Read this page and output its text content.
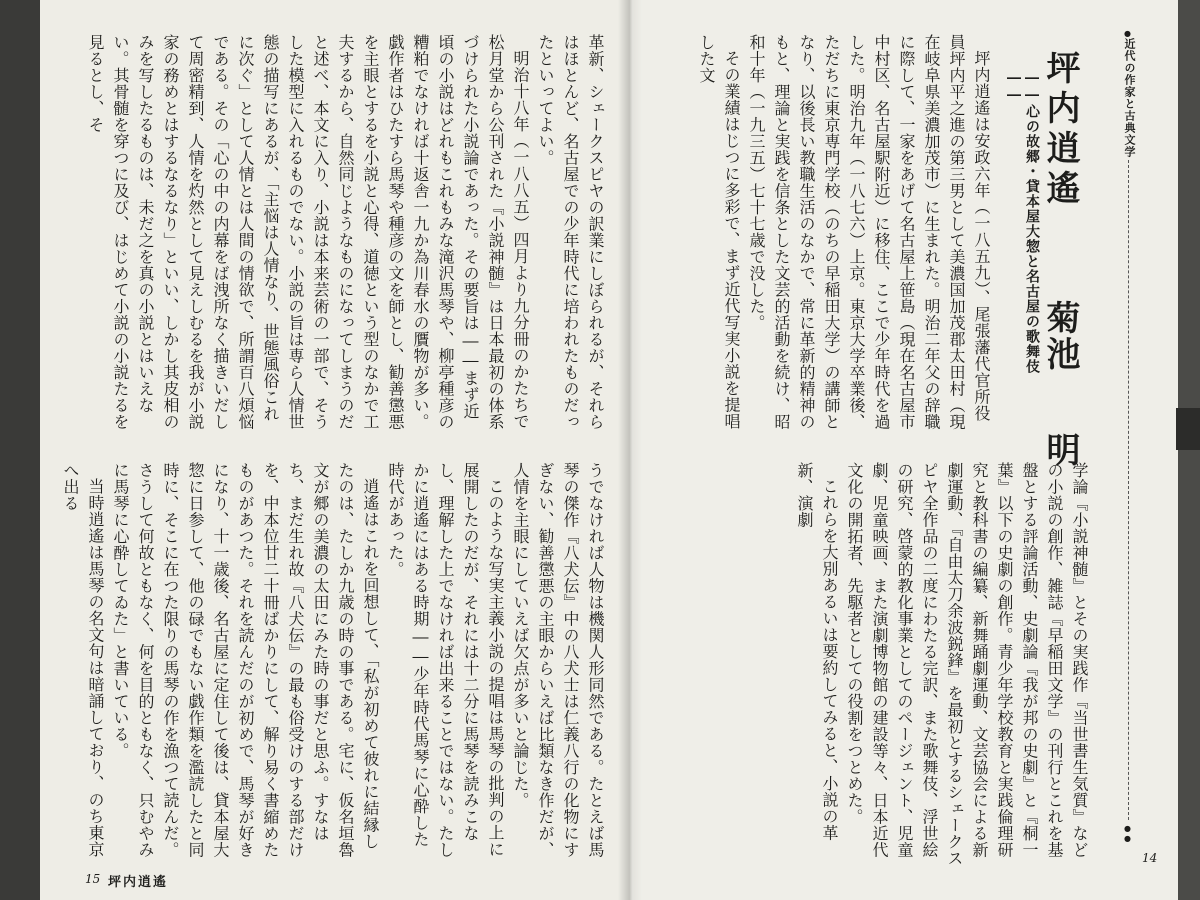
●
近代の作家と古典文学
●
●
坪内逍遙
菊池明
――心の故郷・貸本屋大惣と名古屋の歌舞伎――

坪内逍遙は安政六年（一八五九）、尾張藩代官所役員坪内平之進の第三男として美濃国加茂郡太田村（現在岐阜県美濃加茂市）に生まれた。明治二年父の辞職に際して、一家をあげて名古屋上笹島（現在名古屋市中村区、名古屋駅附近）に移住、ここで少年時代を過した。明治九年（一八七六）上京。東京大学卒業後、ただちに東京専門学校（のちの早稲田大学）の講師となり、以後長い教職生活のなかで、常に革新的精神のもと、理論と実践を信条とした文芸的活動を続け、昭和十年（一九三五）七十七歳で没した。

その業績はじつに多彩で、まず近代写実小説を提唱した文

学論『小説神髄』とその実践作『当世書生気質』などの小説の創作、雑誌『早稲田文学』の刊行とこれを基盤とする評論活動、史劇論『我が邦の史劇』と『桐一葉』以下の史劇の創作。青少年学校教育と実践倫理研究と教科書の編纂、新舞踊劇運動、文芸協会による新劇運動、『自由太刀余波鋭鋒』を最初とするシェークスピヤ全作品の二度にわたる完訳、また歌舞伎、浮世絵の研究、啓蒙的教化事業としてのページェント、児童劇、児童映画、また演劇博物館の建設等々、日本近代文化の開拓者、先駆者としての役割をつとめた。

これらを大別あるいは要約してみると、小説の革新、演劇

革新、シェークスピヤの訳業にしぼられるが、それらはほとんど、名古屋での少年時代に培われたものだったといってよい。

明治十八年（一八八五）四月より九分冊のかたちで松月堂から公刊された『小説神髄』は日本最初の体系づけられた小説論であった。その要旨は――まず近頃の小説はどれもこれもみな滝沢馬琴や、柳亭種彦の糟粕でなければ十返舎一九か為川春水の贋物が多い。戯作者はひたすら馬琴や種彦の文を師とし、勧善懲悪を主眼とするを小説と心得、道徳という型のなかで工夫するから、自然同じようなものになってしまうのだと述べ、本文に入り、小説は本来芸術の一部で、そうした模型に入れるものでない。小説の旨は専ら人情世態の描写にあるが、「主悩は人情なり、世態風俗これに次ぐ」として人情とは人間の情欲で、所謂百八煩悩である。その「心の中の内幕をば洩所なく描きいだして周密精到、人情を灼然として見えしむるを我が小説家の務めとはするなるなり」といい、しかし其皮相のみを写したるものは、未だ之を真の小説とはいえない。其骨髄を穿つに及び、はじめて小説の小説たるを見るとし、そ

うでなければ人物は機関人形同然である。たとえば馬琴の傑作『八犬伝』中の八犬士は仁義八行の化物にすぎない、勧善懲悪の主眼からいえば比類なき作だが、人情を主眼にしていえば欠点が多いと論じた。

このような写実主義小説の提唱は馬琴の批判の上に展開したのだが、それには十二分に馬琴を読みこなし、理解した上でなければ出来ることではない。たしかに逍遙にはある時期――少年時代馬琴に心酔した時代があった。

逍遙はこれを回想して、「私が初めて彼れに結縁したのは、たしか九歳の時の事である。宅に、仮名垣魯文が郷の美濃の太田にみた時の事だと思ふ。すなはち、まだ生れ故『八犬伝』の最も俗受けのする部だけを、中本位廿二十冊ばかりにして、解り易く書縮めたものがあつた。それを読んだのが初めで、馬琴が好きになり、十一歳後、名古屋に定住して後は、貸本屋大惣に日参して、他の碌でもない戯作類を濫読したと同時に、そこに在つた限りの馬琴の作を漁つて読んだ。さうして何故ともなく、何を目的ともなく、只むやみに馬琴に心酔してゐた」と書いている。

当時逍遙は馬琴の名文句は暗誦しており、のち東京へ出る

14
15 坪内逍遙
